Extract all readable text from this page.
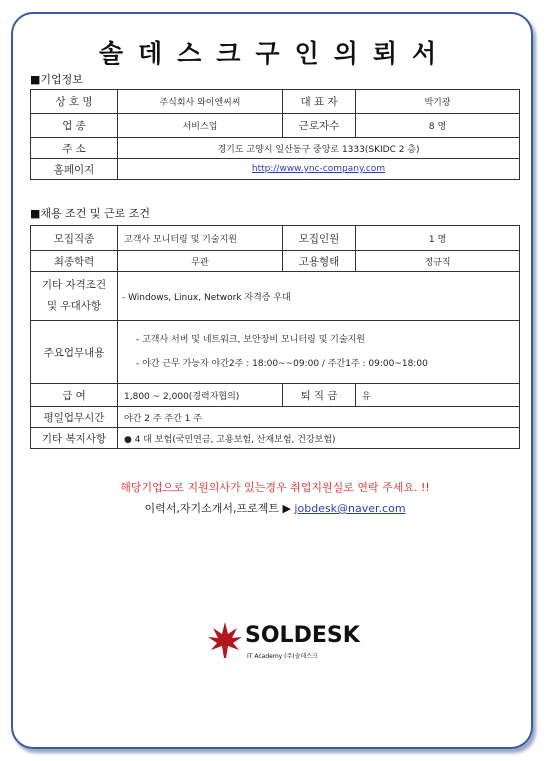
솔데스크구인의뢰서
■기업정보
상 호 명	주식회사 와이엔씨씨	대 표 자	박기광
업 종	서비스업	근로자수	8 명
주 소	경기도 고양시 일산동구 중앙로 1333(SKIDC 2 층)		
홈페이지	http://www.ync-company.com		
■채용 조건 및 근로 조건
모집직종	고객사 모니터링 및 기술지원	모집인원	1 명
최종학력	무관	고용형태	정규직

기타 자격조건
및 우대사항	- Windows, Linux, Network 자격증 우대		
주요업무내용	- 고객사 서버 및 네트워크, 보안장비 모니터링 및 기술지원
- 야간 근무 가능자 야간2주 : 18:00~~09:00 / 주간1주 : 09:00~18:00		

급 여	1,800 ~ 2,000(경력자협의)	퇴 직 금	유
평일업무시간	야간 2 주 주간 1 주		
기타 복지사항	● 4 대 보험(국민연금, 고용보험, 산재보험, 건강보험)		
해당기업으로 지원의사가 있는경우 취업지원실로 연락 주세요. !!
이력서,자기소개서,프로젝트 ▶ jobdesk@naver.com
SOLDESK
IT Academy (주)솔데스크
